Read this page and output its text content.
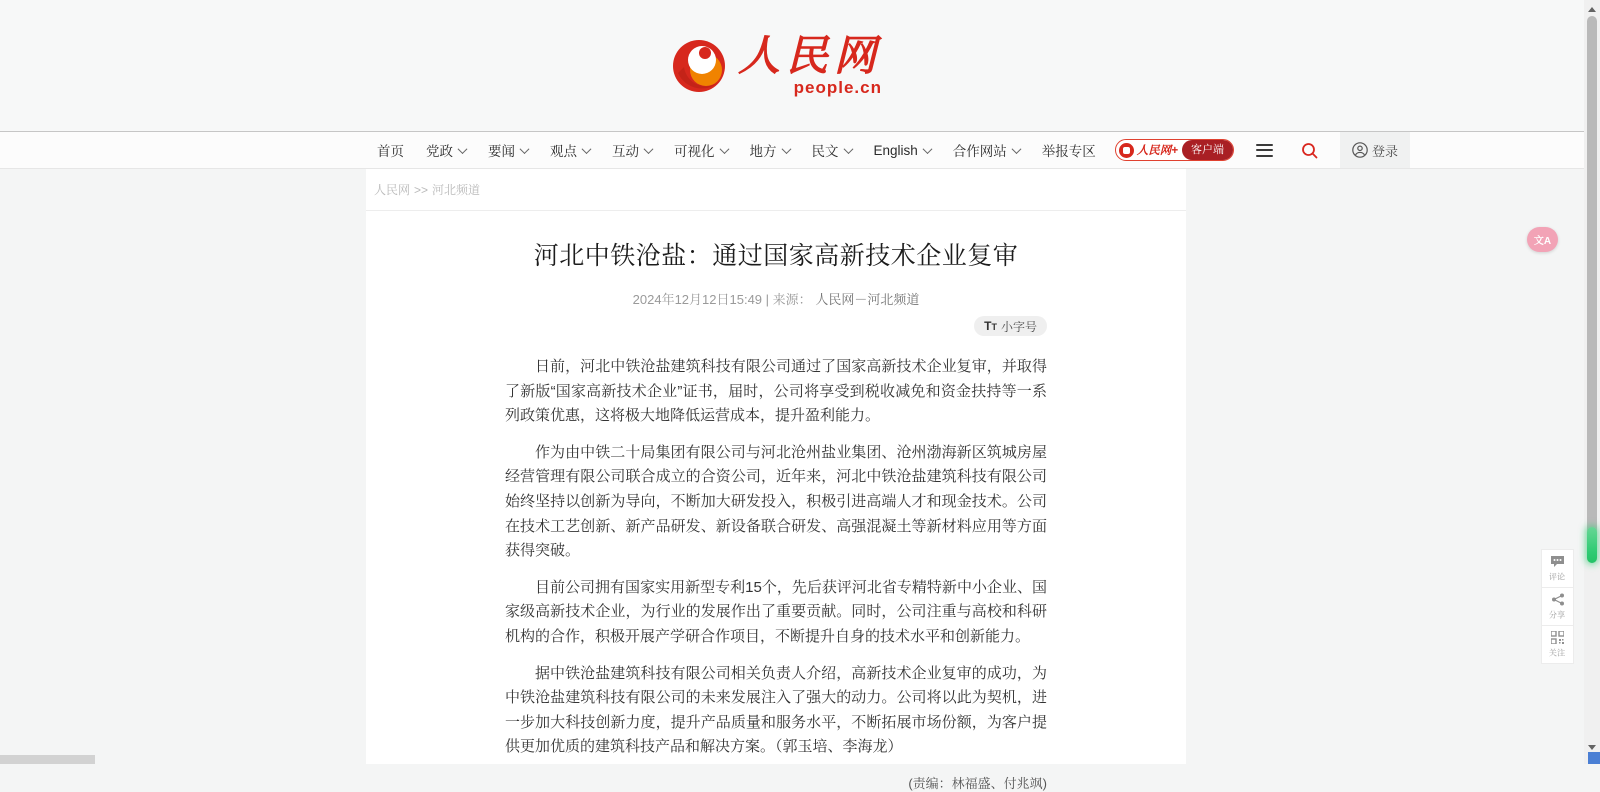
人民网
people.cn
首页 党政	要闻	观点	互动	可视化	地方	民文	English	合作网站	举报专区	人民网+	客户端	登录
人民网 >> 河北频道
河北中铁沧盐：通过国家高新技术企业复审
2024年12月12日15:49 | 来源： 人民网－河北频道
TT 小字号

日前，河北中铁沧盐建筑科技有限公司通过了国家高新技术企业复审，并取得了新版“国家高新技术企业”证书，届时，公司将享受到税收减免和资金扶持等一系列政策优惠，这将极大地降低运营成本，提升盈利能力。

作为由中铁二十局集团有限公司与河北沧州盐业集团、沧州渤海新区筑城房屋经营管理有限公司联合成立的合资公司，近年来，河北中铁沧盐建筑科技有限公司始终坚持以创新为导向，不断加大研发投入，积极引进高端人才和现金技术。公司在技术工艺创新、新产品研发、新设备联合研发、高强混凝土等新材料应用等方面获得突破。

目前公司拥有国家实用新型专利15个，先后获评河北省专精特新中小企业、国家级高新技术企业，为行业的发展作出了重要贡献。同时，公司注重与高校和科研机构的合作，积极开展产学研合作项目，不断提升自身的技术水平和创新能力。

据中铁沧盐建筑科技有限公司相关负责人介绍，高新技术企业复审的成功，为中铁沧盐建筑科技有限公司的未来发展注入了强大的动力。公司将以此为契机，进一步加大科技创新力度，提升产品质量和服务水平，不断拓展市场份额，为客户提供更加优质的建筑科技产品和解决方案。（郭玉培、李海龙）

(责编：林福盛、付兆飒)
文A
评论
分享
关注
